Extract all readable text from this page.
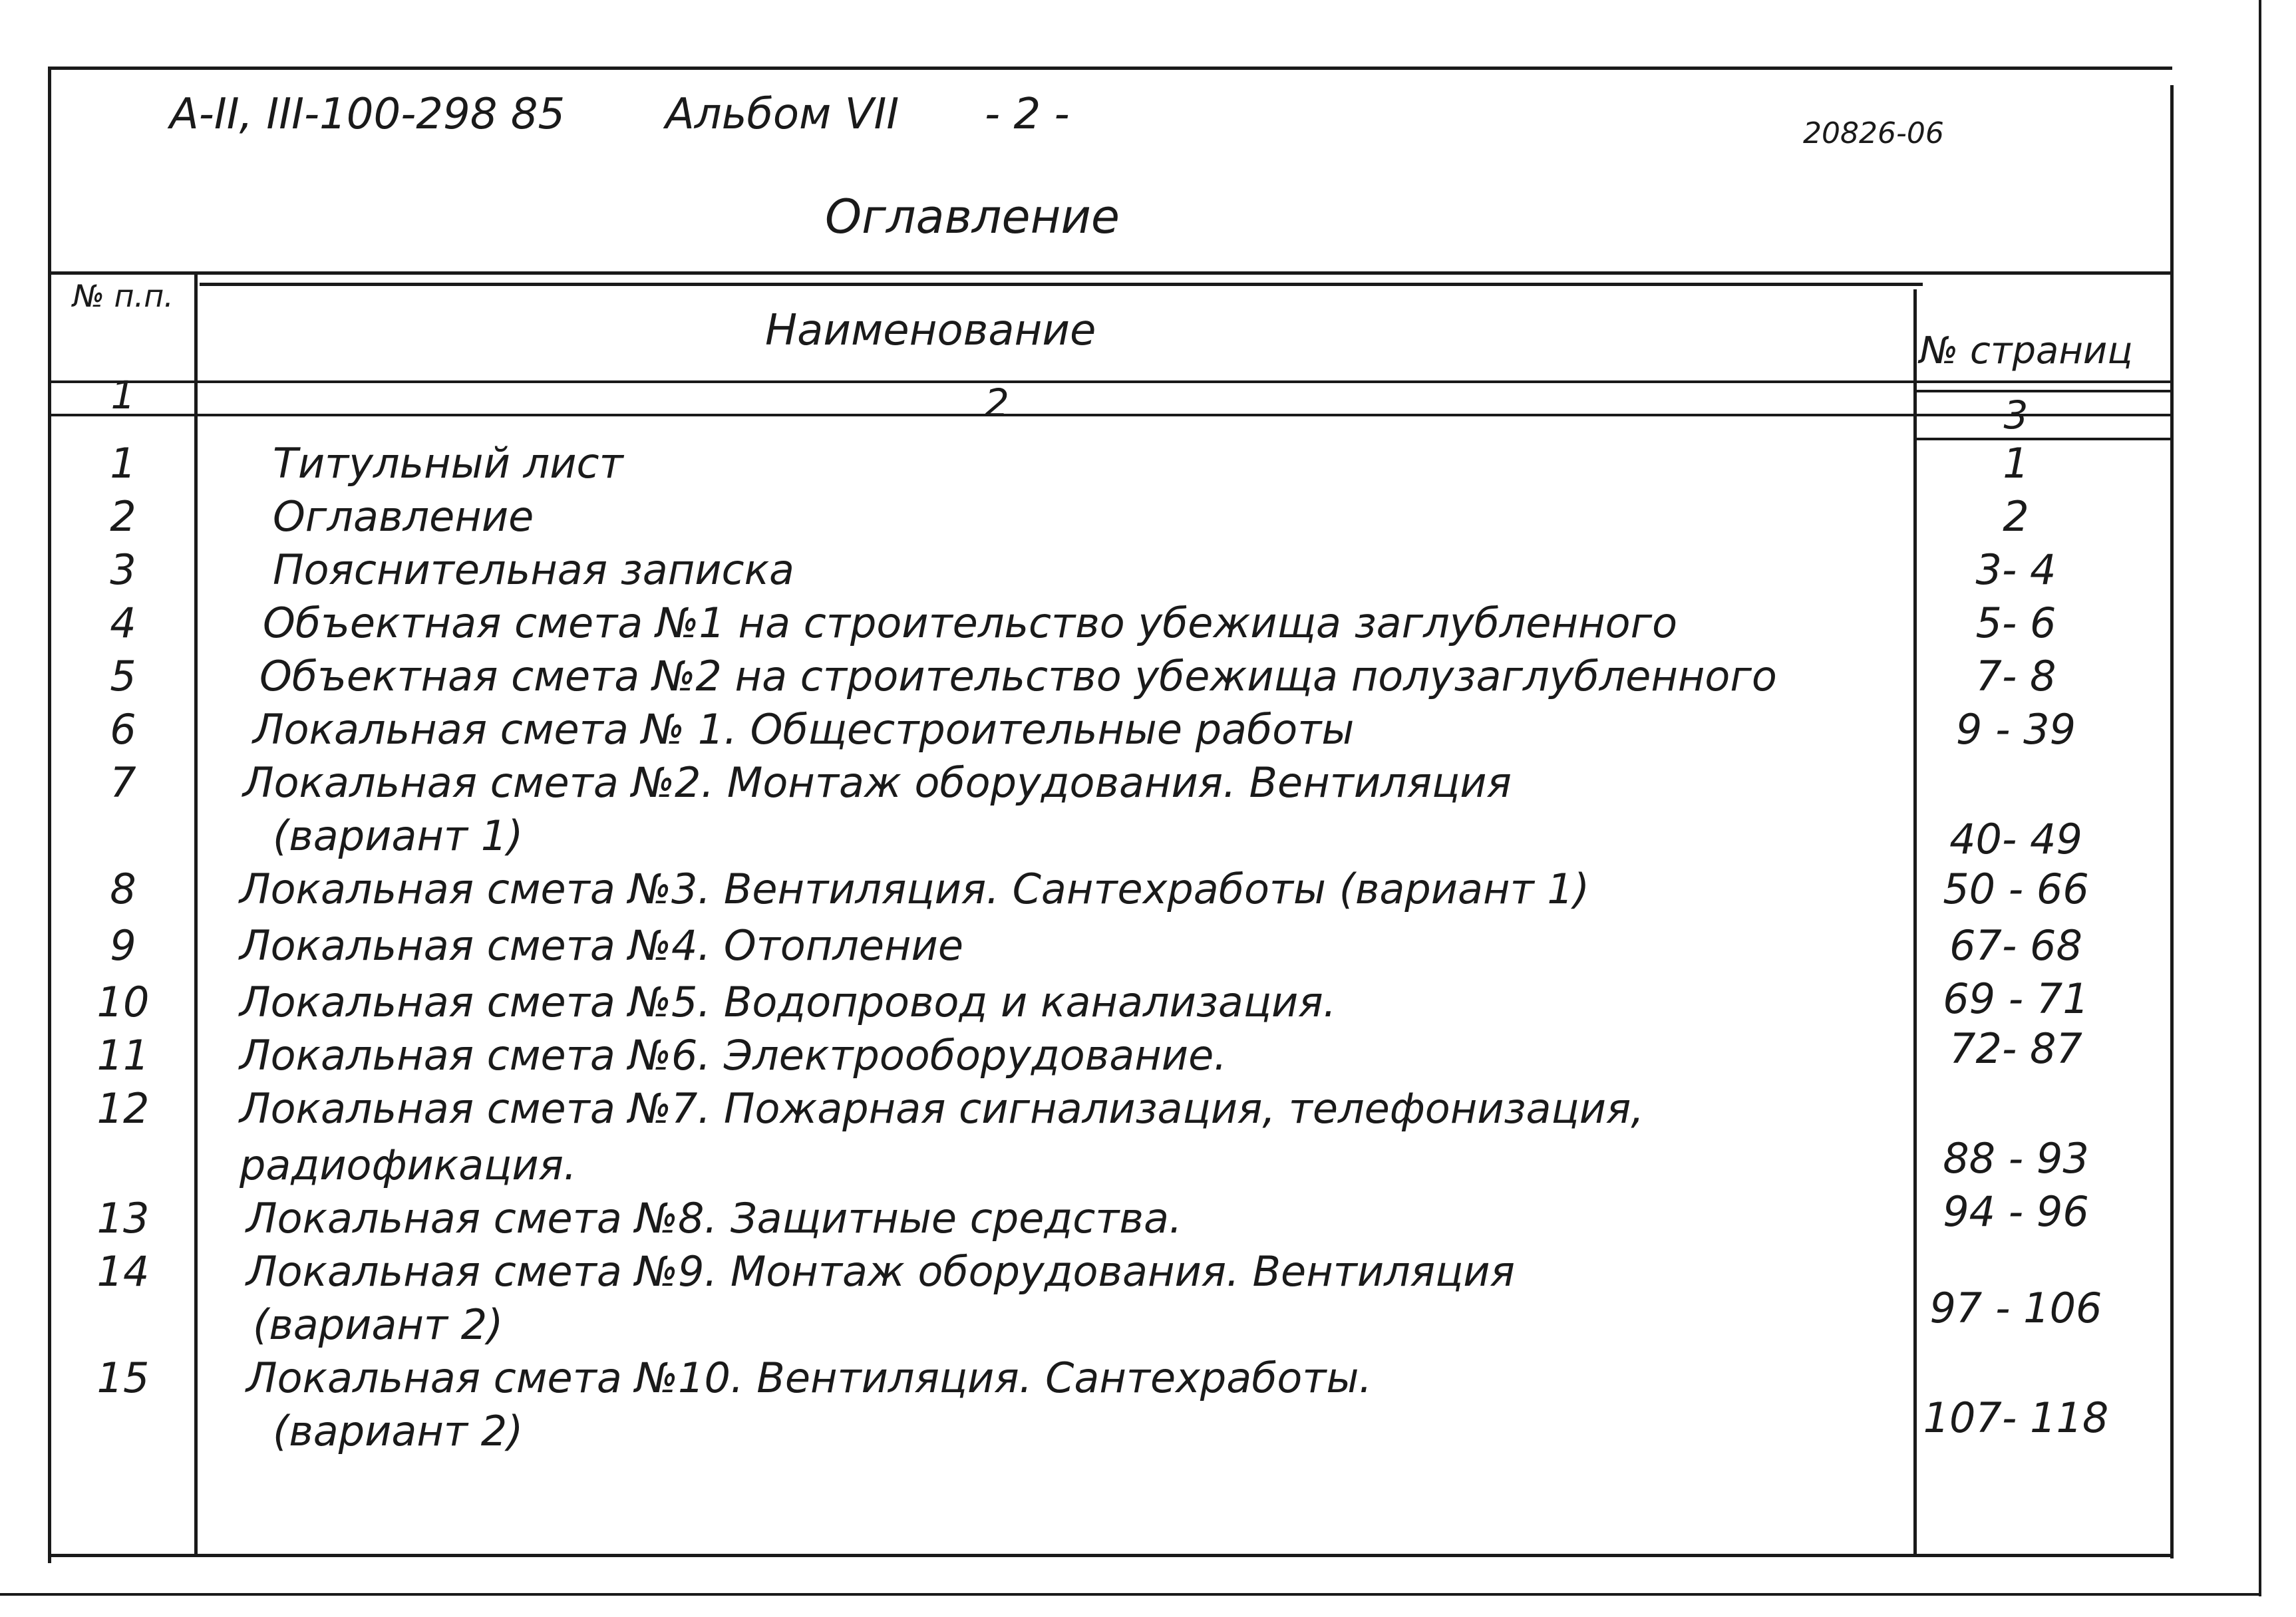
А-II, III-100-298 85 Альбом VII - 2 -	20826-06
Оглавление
№ п.п.
Наименование	№ страниц
1	2	3
1	Титульный лист	1
2	Оглавление	2
3	Пояснительная записка	3- 4
4	Объектная смета №1 на строительство убежища заглубленного	5- 6
5	Объектная смета №2 на строительство убежища полузаглубленного	7- 8
6	Локальная смета № 1. Общестроительные работы	9 - 39
7	Локальная смета №2. Монтаж оборудования. Вентиляция
(вариант 1)	40- 49
8	Локальная смета №3. Вентиляция. Сантехработы (вариант 1)	50 - 66
9	Локальная смета №4. Отопление	67- 68
10	Локальная смета №5. Водопровод и канализация.	69 - 71
11	Локальная смета №6. Электрооборудование.	72- 87
12	Локальная смета №7. Пожарная сигнализация, телефонизация,
радиофикация.	88 - 93
13	Локальная смета №8. Защитные средства.	94 - 96
14	Локальная смета №9. Монтаж оборудования. Вентиляция
(вариант 2)	97 - 106
15	Локальная смета №10. Вентиляция. Сантехработы.
(вариант 2)	107- 118
